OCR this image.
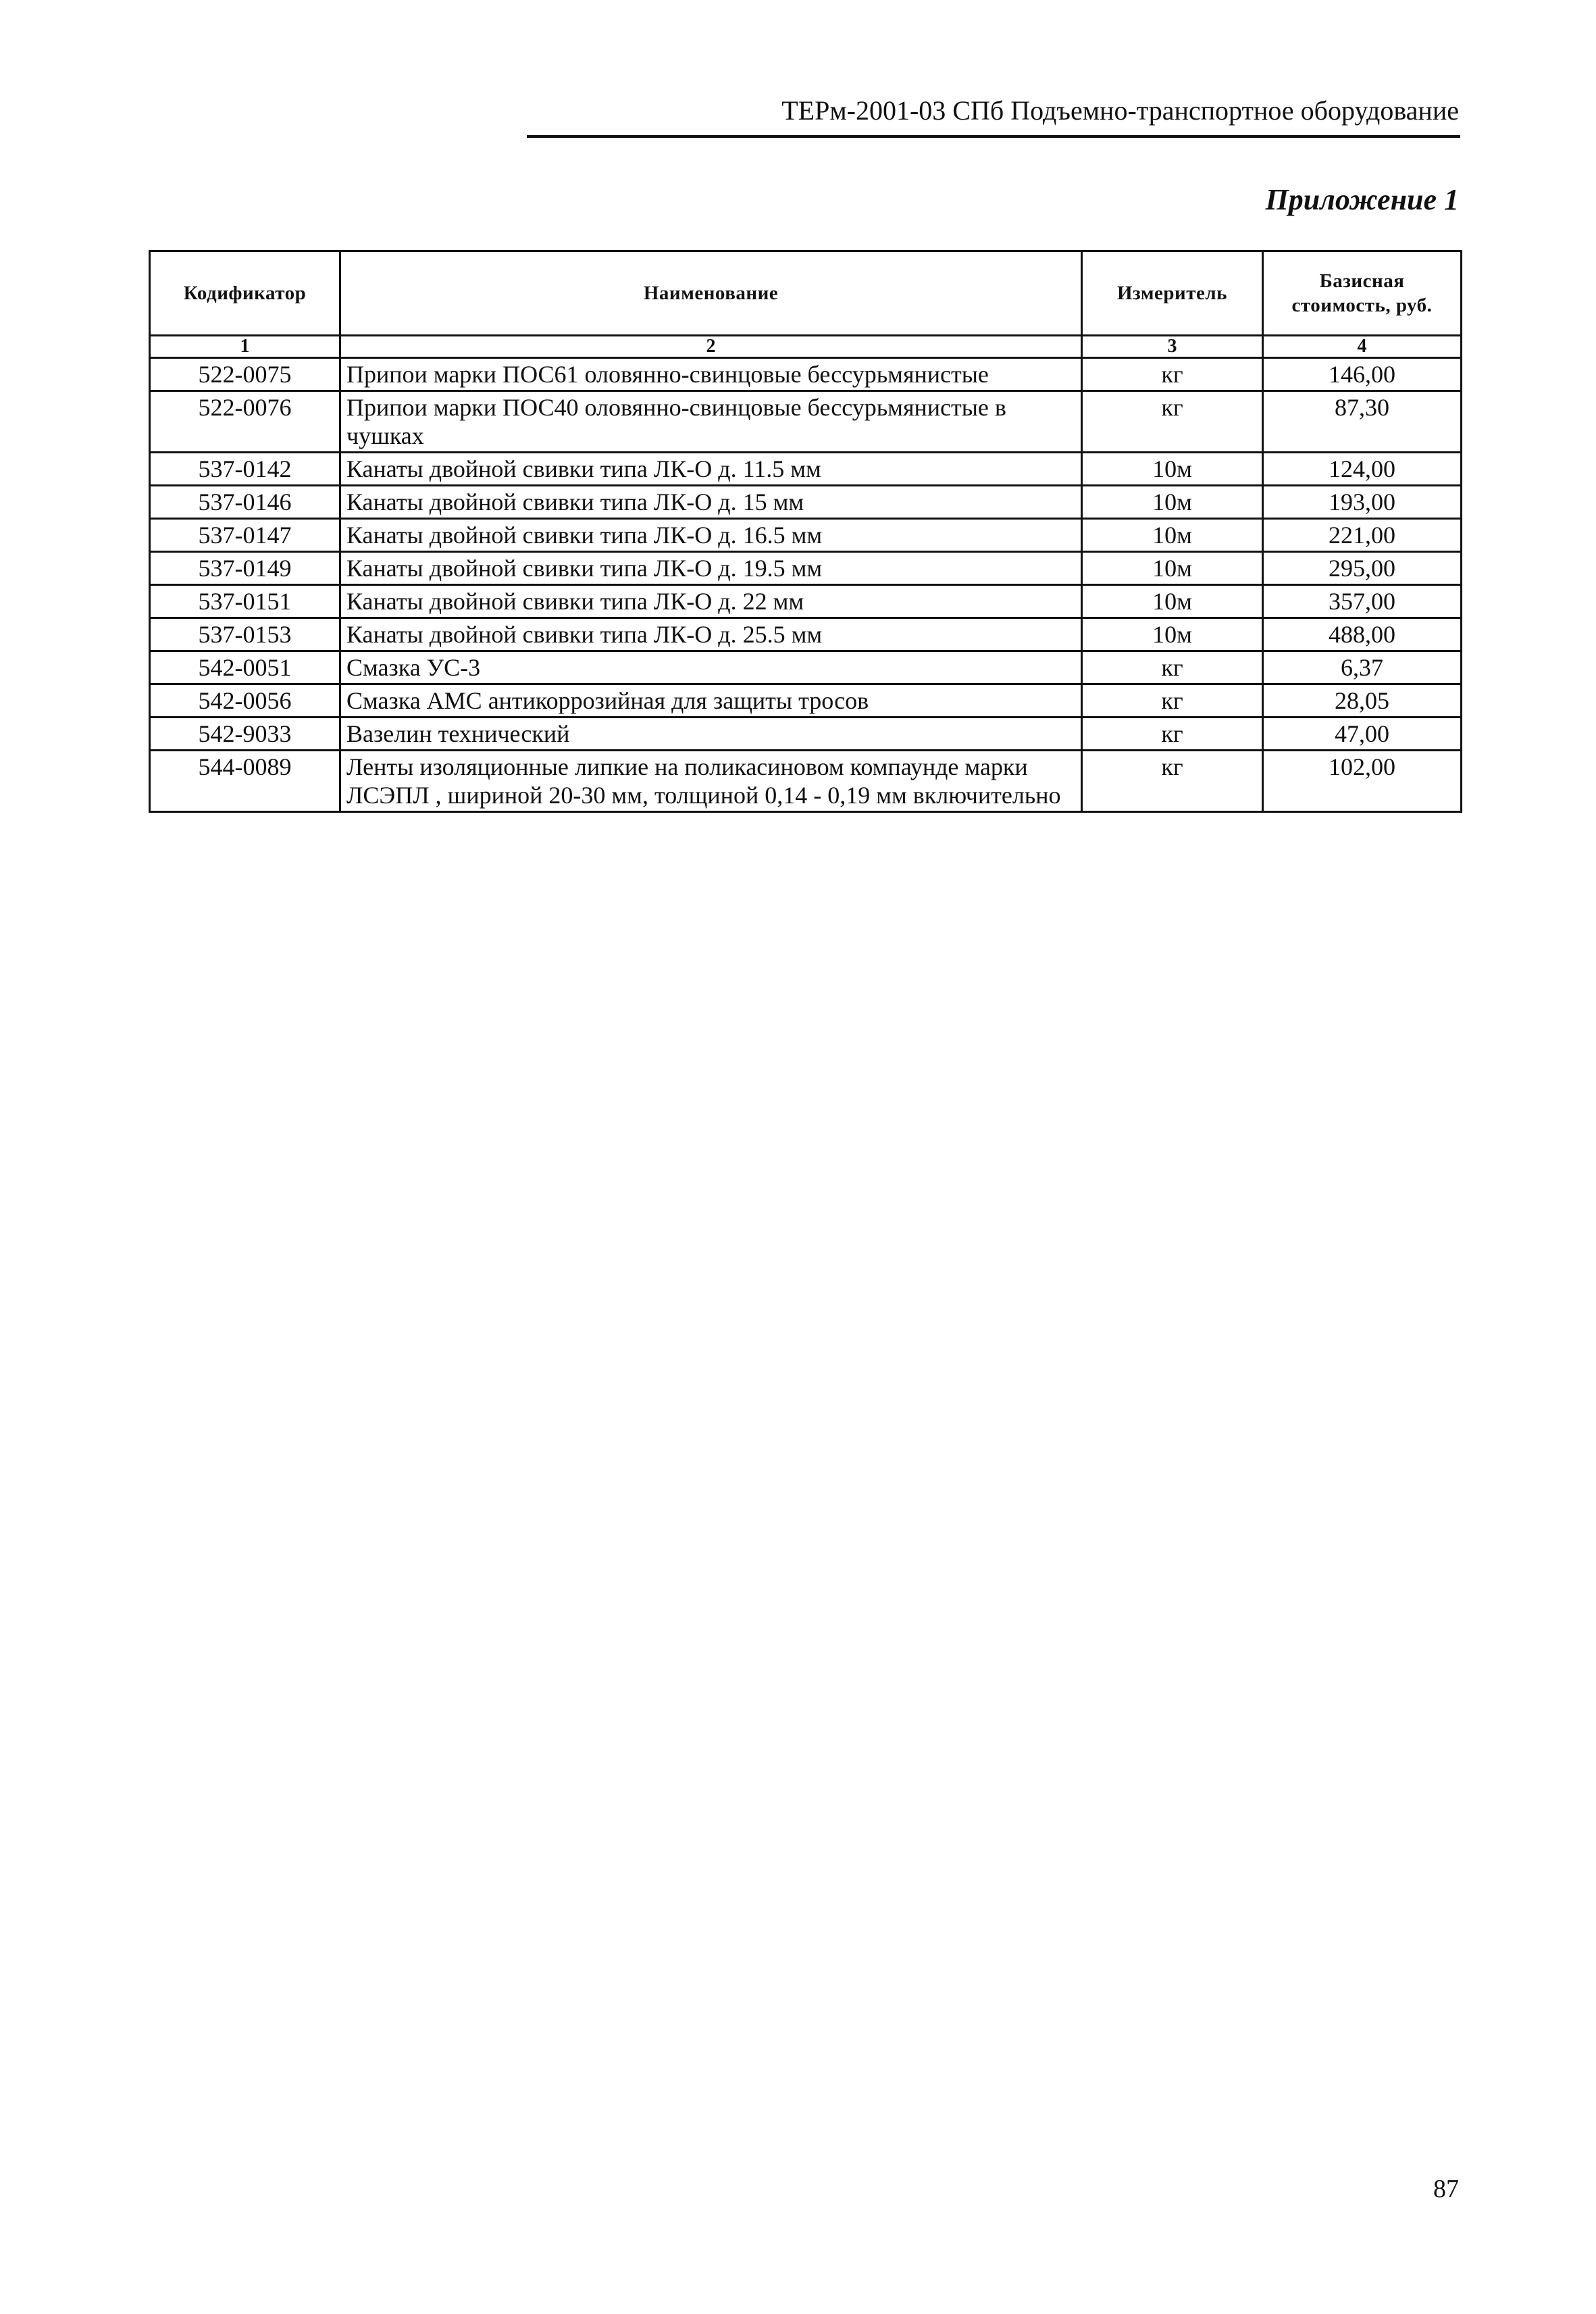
ТЕРм-2001-03 СПб Подъемно-транспортное оборудование
Приложение 1
Кодификатор	Наименование	Измеритель	Базисная стоимость, руб.
1	2	3	4
522-0075	Припои марки ПОС61 оловянно-свинцовые бессурьмянистые	кг	146,00
522-0076	Припои марки ПОС40 оловянно-свинцовые бессурьмянистые в чушках	кг	87,30
537-0142	Канаты двойной свивки типа ЛК-О д. 11.5 мм	10м	124,00
537-0146	Канаты двойной свивки типа ЛК-О д. 15 мм	10м	193,00
537-0147	Канаты двойной свивки типа ЛК-О д. 16.5 мм	10м	221,00
537-0149	Канаты двойной свивки типа ЛК-О д. 19.5 мм	10м	295,00
537-0151	Канаты двойной свивки типа ЛК-О д. 22 мм	10м	357,00
537-0153	Канаты двойной свивки типа ЛК-О д. 25.5 мм	10м	488,00
542-0051	Смазка УС-3	кг	6,37
542-0056	Смазка АМС антикоррозийная для защиты тросов	кг	28,05
542-9033	Вазелин технический	кг	47,00
544-0089	Ленты изоляционные липкие на поликасиновом компаунде марки ЛСЭПЛ , шириной 20-30 мм, толщиной 0,14 - 0,19 мм включительно	кг	102,00
87
